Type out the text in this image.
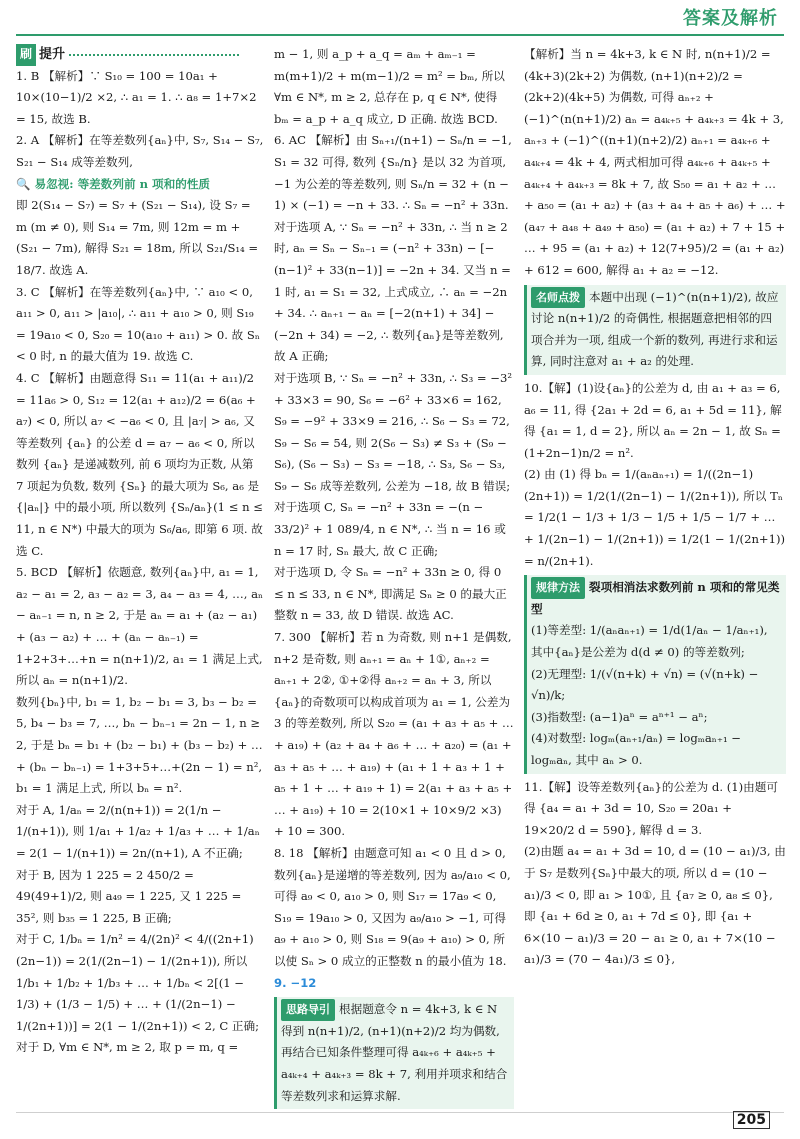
答案及解析

刷 提升

1. B 【解析】∵ S₁₀ = 100 = 10a₁ + 10×(10−1)/2 ×2, ∴ a₁ = 1. ∴ a₈ = 1+7×2 = 15, 故选 B.

2. A 【解析】在等差数列{aₙ}中, S₇, S₁₄ − S₇, S₂₁ − S₁₄ 成等差数列,

🔍 易忽视: 等差数列前 n 项和的性质

即 2(S₁₄ − S₇) = S₇ + (S₂₁ − S₁₄), 设 S₇ = m (m ≠ 0), 则 S₁₄ = 7m, 则 12m = m + (S₂₁ − 7m), 解得 S₂₁ = 18m, 所以 S₂₁/S₁₄ = 18/7. 故选 A.

3. C 【解析】在等差数列{aₙ}中, ∵ a₁₀ < 0, a₁₁ > 0, a₁₁ > |a₁₀|, ∴ a₁₁ + a₁₀ > 0, 则 S₁₉ = 19a₁₀ < 0, S₂₀ = 10(a₁₀ + a₁₁) > 0. 故 Sₙ < 0 时, n 的最大值为 19. 故选 C.

4. C 【解析】由题意得 S₁₁ = 11(a₁ + a₁₁)/2 = 11a₆ > 0, S₁₂ = 12(a₁ + a₁₂)/2 = 6(a₆ + a₇) < 0, 所以 a₇ < −a₆ < 0, 且 |a₇| > a₆, 又等差数列 {aₙ} 的公差 d = a₇ − a₆ < 0, 所以数列 {aₙ} 是递减数列, 前 6 项均为正数, 从第 7 项起为负数, 数列 {Sₙ} 的最大项为 S₆, a₆ 是 {|aₙ|} 中的最小项, 所以数列 {Sₙ/aₙ}(1 ≤ n ≤ 11, n ∈ N*) 中最大的项为 S₆/a₆, 即第 6 项. 故选 C.

5. BCD 【解析】依题意, 数列{aₙ}中, a₁ = 1, a₂ − a₁ = 2, a₃ − a₂ = 3, a₄ − a₃ = 4, …, aₙ − aₙ₋₁ = n, n ≥ 2, 于是 aₙ = a₁ + (a₂ − a₁) + (a₃ − a₂) + … + (aₙ − aₙ₋₁) = 1+2+3+…+n = n(n+1)/2, a₁ = 1 满足上式, 所以 aₙ = n(n+1)/2.

数列{bₙ}中, b₁ = 1, b₂ − b₁ = 3, b₃ − b₂ = 5, b₄ − b₃ = 7, …, bₙ − bₙ₋₁ = 2n − 1, n ≥ 2, 于是 bₙ = b₁ + (b₂ − b₁) + (b₃ − b₂) + … + (bₙ − bₙ₋₁) = 1+3+5+…+(2n − 1) = n², b₁ = 1 满足上式, 所以 bₙ = n².

对于 A, 1/aₙ = 2/(n(n+1)) = 2(1/n − 1/(n+1)), 则 1/a₁ + 1/a₂ + 1/a₃ + … + 1/aₙ = 2(1 − 1/(n+1)) = 2n/(n+1), A 不正确;

对于 B, 因为 1 225 = 2 450/2 = 49(49+1)/2, 则 a₄₉ = 1 225, 又 1 225 = 35², 则 b₃₅ = 1 225, B 正确;

对于 C, 1/bₙ = 1/n² = 4/(2n)² < 4/((2n+1)(2n−1)) = 2(1/(2n−1) − 1/(2n+1)), 所以 1/b₁ + 1/b₂ + 1/b₃ + … + 1/bₙ < 2[(1 − 1/3) + (1/3 − 1/5) + … + (1/(2n−1) − 1/(2n+1))] = 2(1 − 1/(2n+1)) < 2, C 正确;

对于 D, ∀m ∈ N*, m ≥ 2, 取 p = m, q =

m − 1, 则 a_p + a_q = aₘ + aₘ₋₁ = m(m+1)/2 + m(m−1)/2 = m² = bₘ, 所以 ∀m ∈ N*, m ≥ 2, 总存在 p, q ∈ N*, 使得 bₘ = a_p + a_q 成立, D 正确. 故选 BCD.

6. AC 【解析】由 Sₙ₊₁/(n+1) − Sₙ/n = −1, S₁ = 32 可得, 数列 {Sₙ/n} 是以 32 为首项, −1 为公差的等差数列, 则 Sₙ/n = 32 + (n − 1) × (−1) = −n + 33. ∴ Sₙ = −n² + 33n.

对于选项 A, ∵ Sₙ = −n² + 33n, ∴ 当 n ≥ 2 时, aₙ = Sₙ − Sₙ₋₁ = (−n² + 33n) − [−(n−1)² + 33(n−1)] = −2n + 34. 又当 n = 1 时, a₁ = S₁ = 32, 上式成立, ∴ aₙ = −2n + 34. ∴ aₙ₊₁ − aₙ = [−2(n+1) + 34] − (−2n + 34) = −2, ∴ 数列{aₙ}是等差数列, 故 A 正确;

对于选项 B, ∵ Sₙ = −n² + 33n, ∴ S₃ = −3² + 33×3 = 90, S₆ = −6² + 33×6 = 162, S₉ = −9² + 33×9 = 216, ∴ S₆ − S₃ = 72, S₉ − S₆ = 54, 则 2(S₆ − S₃) ≠ S₃ + (S₉ − S₆), (S₆ − S₃) − S₃ = −18, ∴ S₃, S₆ − S₃, S₉ − S₆ 成等差数列, 公差为 −18, 故 B 错误;

对于选项 C, Sₙ = −n² + 33n = −(n − 33/2)² + 1 089/4, n ∈ N*, ∴ 当 n = 16 或 n = 17 时, Sₙ 最大, 故 C 正确;

对于选项 D, 令 Sₙ = −n² + 33n ≥ 0, 得 0 ≤ n ≤ 33, n ∈ N*, 即满足 Sₙ ≥ 0 的最大正整数 n = 33, 故 D 错误. 故选 AC.

7. 300 【解析】若 n 为奇数, 则 n+1 是偶数, n+2 是奇数, 则 aₙ₊₁ = aₙ + 1①, aₙ₊₂ = aₙ₊₁ + 2②, ①+②得 aₙ₊₂ = aₙ + 3, 所以{aₙ}的奇数项可以构成首项为 a₁ = 1, 公差为 3 的等差数列, 所以 S₂₀ = (a₁ + a₃ + a₅ + … + a₁₉) + (a₂ + a₄ + a₆ + … + a₂₀) = (a₁ + a₃ + a₅ + … + a₁₉) + (a₁ + 1 + a₃ + 1 + a₅ + 1 + … + a₁₉ + 1) = 2(a₁ + a₃ + a₅ + … + a₁₉) + 10 = 2(10×1 + 10×9/2 ×3) + 10 = 300.

8. 18 【解析】由题意可知 a₁ < 0 且 d > 0, 数列{aₙ}是递增的等差数列, 因为 a₉/a₁₀ < 0, 可得 a₉ < 0, a₁₀ > 0, 则 S₁₇ = 17a₉ < 0, S₁₉ = 19a₁₀ > 0, 又因为 a₉/a₁₀ > −1, 可得 a₉ + a₁₀ > 0, 则 S₁₈ = 9(a₉ + a₁₀) > 0, 所以使 Sₙ > 0 成立的正整数 n 的最小值为 18.

9. −12

思路导引 根据题意令 n = 4k+3, k ∈ N 得到 n(n+1)/2, (n+1)(n+2)/2 均为偶数, 再结合已知条件整理可得 a₄ₖ₊₆ + a₄ₖ₊₅ + a₄ₖ₊₄ + a₄ₖ₊₃ = 8k + 7, 利用并项求和结合等差数列求和运算求解.

【解析】当 n = 4k+3, k ∈ N 时, n(n+1)/2 = (4k+3)(2k+2) 为偶数, (n+1)(n+2)/2 = (2k+2)(4k+5) 为偶数, 可得 aₙ₊₂ + (−1)^(n(n+1)/2) aₙ = a₄ₖ₊₅ + a₄ₖ₊₃ = 4k + 3, aₙ₊₃ + (−1)^((n+1)(n+2)/2) aₙ₊₁ = a₄ₖ₊₆ + a₄ₖ₊₄ = 4k + 4, 两式相加可得 a₄ₖ₊₆ + a₄ₖ₊₅ + a₄ₖ₊₄ + a₄ₖ₊₃ = 8k + 7, 故 S₅₀ = a₁ + a₂ + … + a₅₀ = (a₁ + a₂) + (a₃ + a₄ + a₅ + a₆) + … + (a₄₇ + a₄₈ + a₄₉ + a₅₀) = (a₁ + a₂) + 7 + 15 + … + 95 = (a₁ + a₂) + 12(7+95)/2 = (a₁ + a₂) + 612 = 600, 解得 a₁ + a₂ = −12.

名师点拨 本题中出现 (−1)^(n(n+1)/2), 故应讨论 n(n+1)/2 的奇偶性, 根据题意把相邻的四项合并为一项, 组成一个新的数列, 再进行求和运算, 同时注意对 a₁ + a₂ 的处理.

10.【解】(1)设{aₙ}的公差为 d, 由 a₁ + a₃ = 6, a₆ = 11, 得 {2a₁ + 2d = 6, a₁ + 5d = 11}, 解得 {a₁ = 1, d = 2}, 所以 aₙ = 2n − 1, 故 Sₙ = (1+2n−1)n/2 = n².

(2) 由 (1) 得 bₙ = 1/(aₙaₙ₊₁) = 1/((2n−1)(2n+1)) = 1/2(1/(2n−1) − 1/(2n+1)), 所以 Tₙ = 1/2(1 − 1/3 + 1/3 − 1/5 + 1/5 − 1/7 + … + 1/(2n−1) − 1/(2n+1)) = 1/2(1 − 1/(2n+1)) = n/(2n+1).

规律方法 裂项相消法求数列前 n 项和的常见类型

(1)等差型: 1/(aₙaₙ₊₁) = 1/d(1/aₙ − 1/aₙ₊₁), 其中{aₙ}是公差为 d(d ≠ 0) 的等差数列;

(2)无理型: 1/(√(n+k) + √n) = (√(n+k) − √n)/k;

(3)指数型: (a−1)aⁿ = aⁿ⁺¹ − aⁿ;

(4)对数型: logₘ(aₙ₊₁/aₙ) = logₘaₙ₊₁ − logₘaₙ, 其中 aₙ > 0.

11.【解】设等差数列{aₙ}的公差为 d. (1)由题可得 {a₄ = a₁ + 3d = 10, S₂₀ = 20a₁ + 19×20/2 d = 590}, 解得 d = 3.

(2)由题 a₄ = a₁ + 3d = 10, d = (10 − a₁)/3, 由于 S₇ 是数列{Sₙ}中最大的项, 所以 d = (10 − a₁)/3 < 0, 即 a₁ > 10①, 且 {a₇ ≥ 0, a₈ ≤ 0}, 即 {a₁ + 6d ≥ 0, a₁ + 7d ≤ 0}, 即 {a₁ + 6×(10 − a₁)/3 = 20 − a₁ ≥ 0, a₁ + 7×(10 − a₁)/3 = (70 − 4a₁)/3 ≤ 0},

205
